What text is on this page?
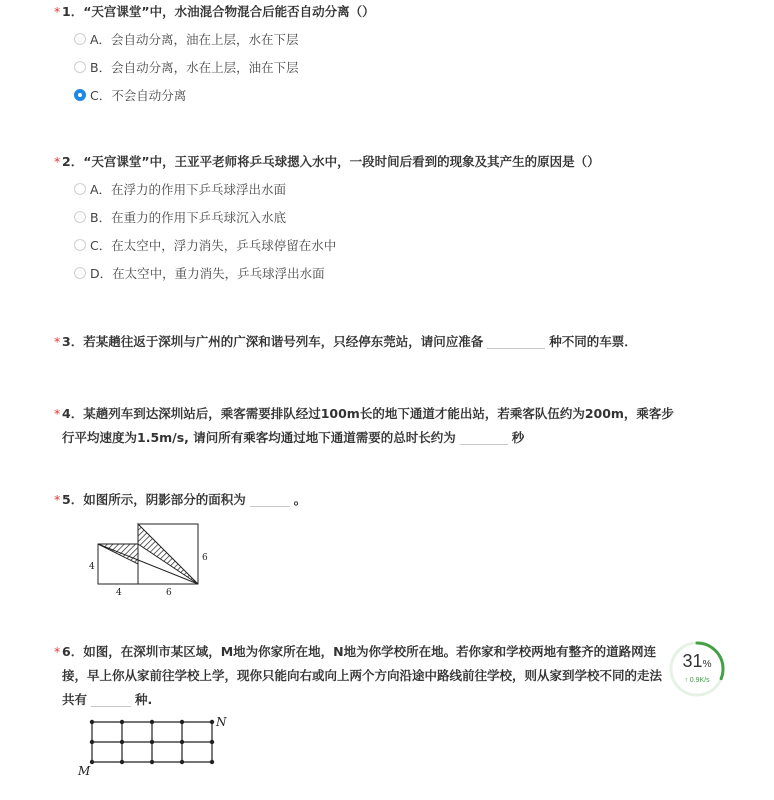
* 1．“天宫课堂”中，水油混合物混合后能否自动分离（）
A．会自动分离，油在上层，水在下层
B．会自动分离，水在上层，油在下层
C．不会自动分离
* 2．“天宫课堂”中，王亚平老师将乒乓球摁入水中，一段时间后看到的现象及其产生的原因是（）
A．在浮力的作用下乒乓球浮出水面
B．在重力的作用下乒乓球沉入水底
C．在太空中，浮力消失，乒乓球停留在水中
D．在太空中，重力消失，乒乓球浮出水面
* 3．若某趟往返于深圳与广州的广深和谐号列车，只经停东莞站，请问应准备	种不同的车票．
* 4．某趟列车到达深圳站后，乘客需要排队经过100m长的地下通道才能出站，若乘客队伍约为200m，乘客步
行平均速度为1.5m/s, 请问所有乘客均通过地下通道需要的总时长约为	秒
* 5．如图所示，阴影部分的面积为	。
4
4	6
6
* 6．如图，在深圳市某区域，M地为你家所在地，N地为你学校所在地。若你家和学校两地有整齐的道路网连
接，早上你从家前往学校上学，现你只能向右或向上两个方向沿途中路线前往学校，则从家到学校不同的走法
共有	种.
M
N
31%
↑ 0.9K/s
